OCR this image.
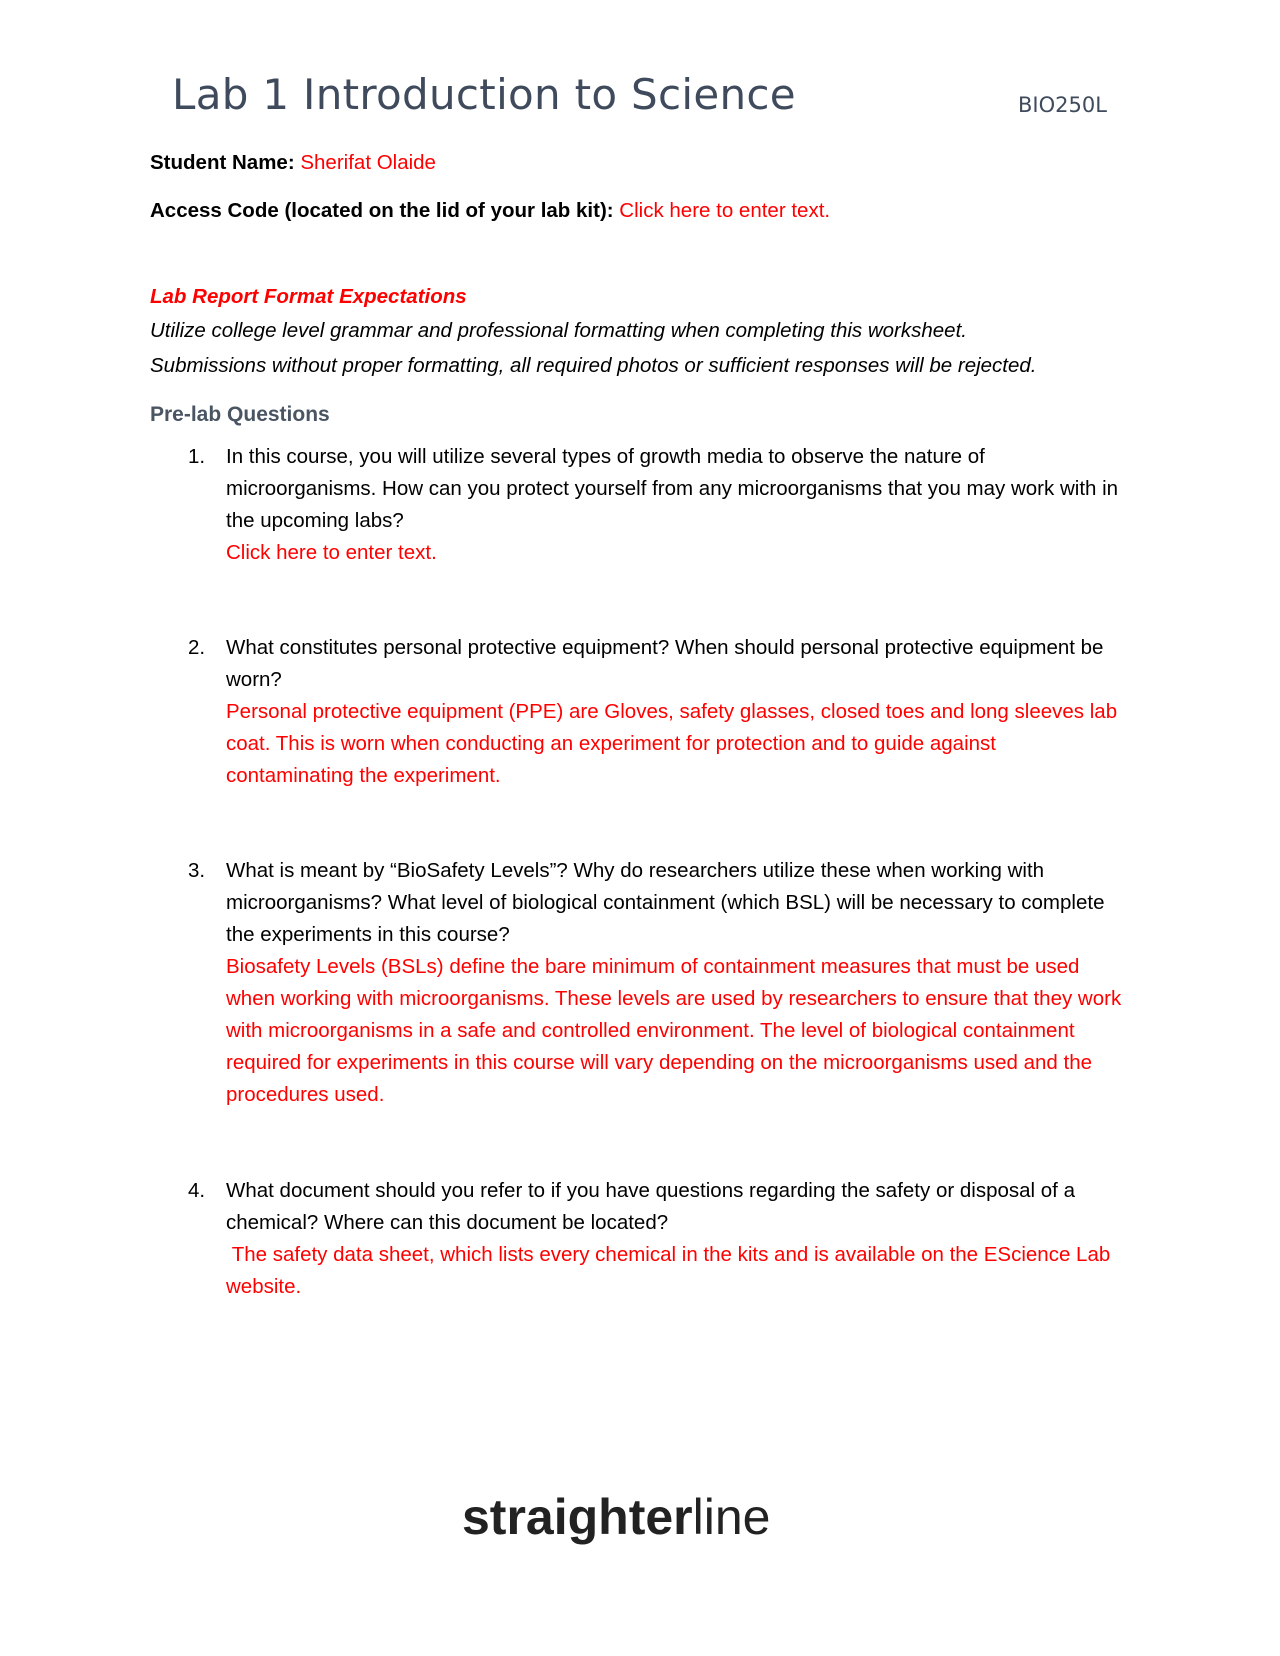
Lab 1 Introduction to Science	BIO250L
Student Name: Sherifat Olaide
Access Code (located on the lid of your lab kit): Click here to enter text.
Lab Report Format Expectations
Utilize college level grammar and professional formatting when completing this worksheet.
Submissions without proper formatting, all required photos or sufficient responses will be rejected.
Pre-lab Questions
1.	In this course, you will utilize several types of growth media to observe the nature of microorganisms. How can you protect yourself from any microorganisms that you may work with in the upcoming labs?
Click here to enter text.
2.	What constitutes personal protective equipment? When should personal protective equipment be worn?
Personal protective equipment (PPE) are Gloves, safety glasses, closed toes and long sleeves lab coat. This is worn when conducting an experiment for protection and to guide against contaminating the experiment.
3.	What is meant by “BioSafety Levels”? Why do researchers utilize these when working with microorganisms? What level of biological containment (which BSL) will be necessary to complete the experiments in this course?
Biosafety Levels (BSLs) define the bare minimum of containment measures that must be used when working with microorganisms. These levels are used by researchers to ensure that they work with microorganisms in a safe and controlled environment. The level of biological containment required for experiments in this course will vary depending on the microorganisms used and the procedures used.
4.	What document should you refer to if you have questions regarding the safety or disposal of a chemical? Where can this document be located?
The safety data sheet, which lists every chemical in the kits and is available on the EScience Lab website.
straighterline
